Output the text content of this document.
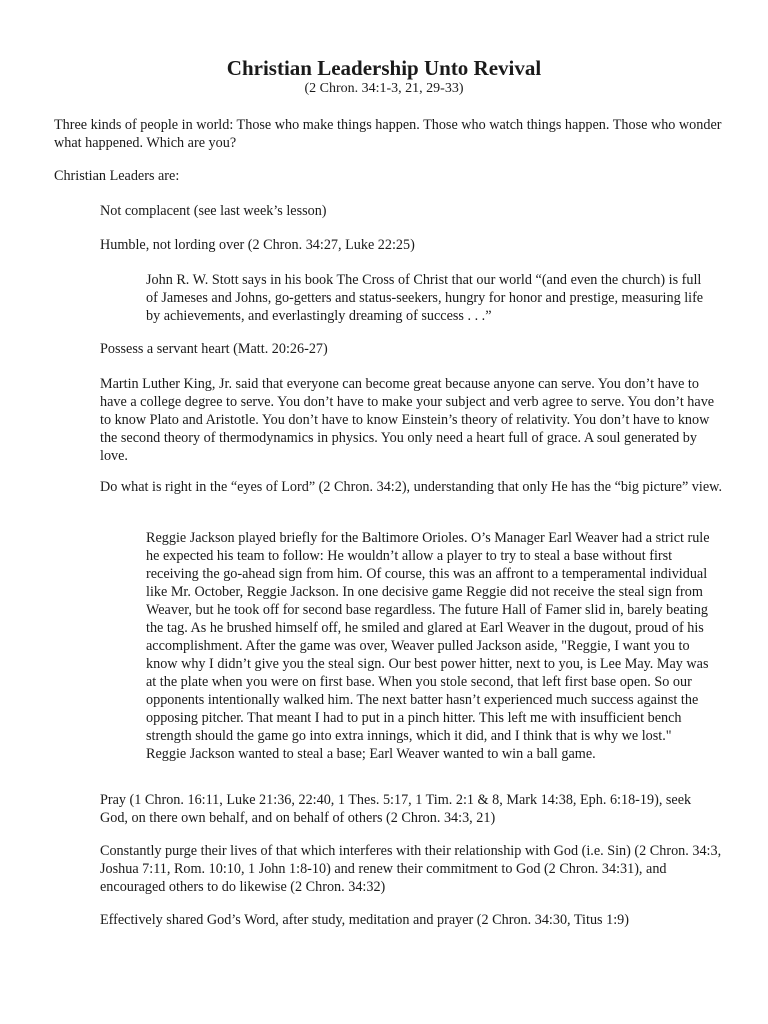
Christian Leadership Unto Revival
(2 Chron. 34:1-3, 21, 29-33)

Three kinds of people in world: Those who make things happen. Those who watch things happen. Those who wonder what happened. Which are you?

Christian Leaders are:

Not complacent (see last week’s lesson)

Humble, not lording over (2 Chron. 34:27, Luke 22:25)

John R. W. Stott says in his book The Cross of Christ that our world “(and even the church) is full of Jameses and Johns, go-getters and status-seekers, hungry for honor and prestige, measuring life by achievements, and everlastingly dreaming of success . . .”

Possess a servant heart (Matt. 20:26-27)

Martin Luther King, Jr. said that everyone can become great because anyone can serve. You don’t have to have a college degree to serve. You don’t have to make your subject and verb agree to serve. You don’t have to know Plato and Aristotle. You don’t have to know Einstein’s theory of relativity. You don’t have to know the second theory of thermodynamics in physics. You only need a heart full of grace. A soul generated by love.

Do what is right in the “eyes of Lord” (2 Chron. 34:2), understanding that only He has the “big picture” view.

Reggie Jackson played briefly for the Baltimore Orioles. O’s Manager Earl Weaver had a strict rule he expected his team to follow: He wouldn’t allow a player to try to steal a base without first receiving the go-ahead sign from him. Of course, this was an affront to a temperamental individual like Mr. October, Reggie Jackson. In one decisive game Reggie did not receive the steal sign from Weaver, but he took off for second base regardless. The future Hall of Famer slid in, barely beating the tag. As he brushed himself off, he smiled and glared at Earl Weaver in the dugout, proud of his accomplishment. After the game was over, Weaver pulled Jackson aside, "Reggie, I want you to know why I didn’t give you the steal sign. Our best power hitter, next to you, is Lee May. May was at the plate when you were on first base. When you stole second, that left first base open. So our opponents intentionally walked him. The next batter hasn’t experienced much success against the opposing pitcher. That meant I had to put in a pinch hitter. This left me with insufficient bench strength should the game go into extra innings, which it did, and I think that is why we lost." Reggie Jackson wanted to steal a base; Earl Weaver wanted to win a ball game.

Pray (1 Chron. 16:11, Luke 21:36, 22:40, 1 Thes. 5:17, 1 Tim. 2:1 & 8, Mark 14:38, Eph. 6:18-19), seek God, on there own behalf, and on behalf of others (2 Chron. 34:3, 21)

Constantly purge their lives of that which interferes with their relationship with God (i.e. Sin) (2 Chron. 34:3, Joshua 7:11, Rom. 10:10, 1 John 1:8-10) and renew their commitment to God (2 Chron. 34:31), and encouraged others to do likewise (2 Chron. 34:32)

Effectively shared God’s Word, after study, meditation and prayer (2 Chron. 34:30, Titus 1:9)
